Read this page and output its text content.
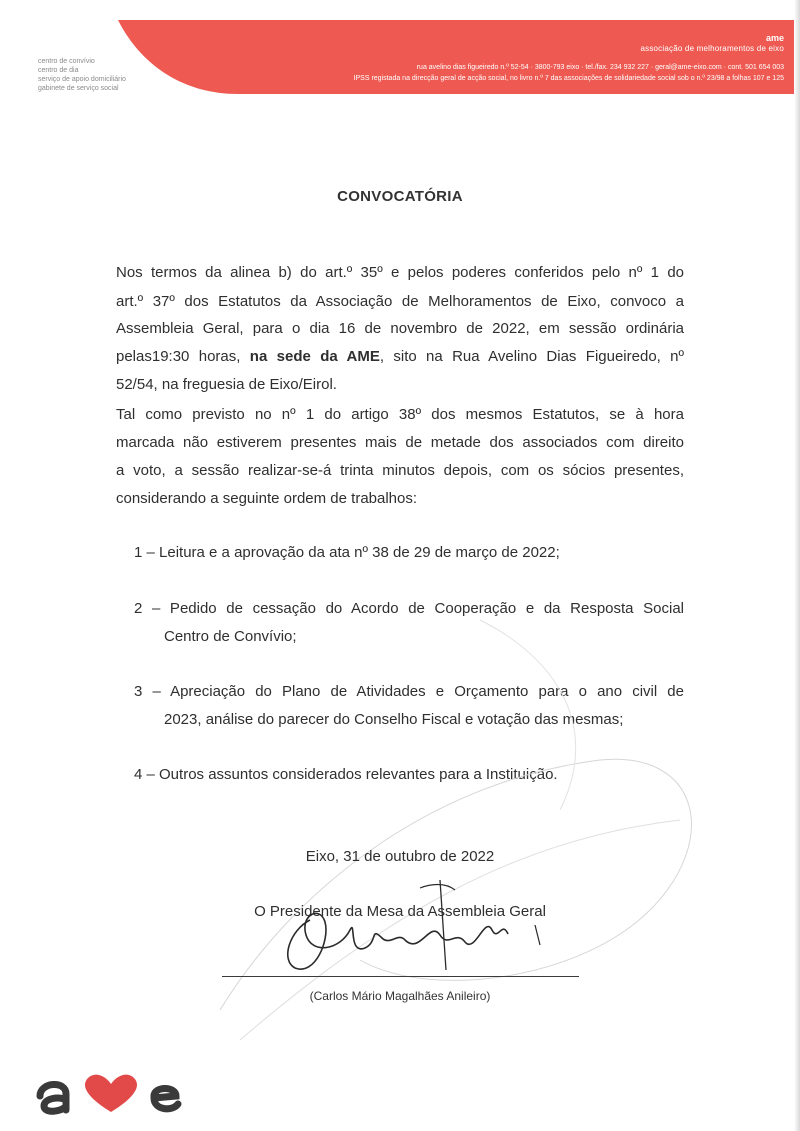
centro de convívio
centro de dia
serviço de apoio domiciliário
gabinete de serviço social
ame
associação de melhoramentos de eixo
rua avelino dias figueiredo n.º 52-54 · 3800-793 eixo · tel./fax. 234 932 227 · geral@ame-eixo.com · cont. 501 654 003
IPSS registada na direcção geral de acção social, no livro n.º 7 das associações de solidariedade social sob o n.º 23/98 a folhas 107 e 125
CONVOCATÓRIA
Nos termos da alinea b) do art.º 35º e pelos poderes conferidos pelo nº 1 do
art.º 37º dos Estatutos da Associação de Melhoramentos de Eixo, convoco a
Assembleia Geral, para o dia 16 de novembro de 2022, em sessão ordinária
pelas19:30 horas, na sede da AME, sito na Rua Avelino Dias Figueiredo, nº
52/54, na freguesia de Eixo/Eirol.
Tal como previsto no nº 1 do artigo 38º dos mesmos Estatutos, se à hora
marcada não estiverem presentes mais de metade dos associados com direito
a voto, a sessão realizar-se-á trinta minutos depois, com os sócios presentes,
considerando a seguinte ordem de trabalhos:
1 – Leitura e a aprovação da ata nº 38 de 29 de março de 2022;
2 – Pedido de cessação do Acordo de Cooperação e da Resposta Social
Centro de Convívio;
3 – Apreciação do Plano de Atividades e Orçamento para o ano civil de
2023, análise do parecer do Conselho Fiscal e votação das mesmas;
4 – Outros assuntos considerados relevantes para a Instituição.
Eixo, 31 de outubro de 2022
O Presidente da Mesa da Assembleia Geral
(Carlos Mário Magalhães Anileiro)
